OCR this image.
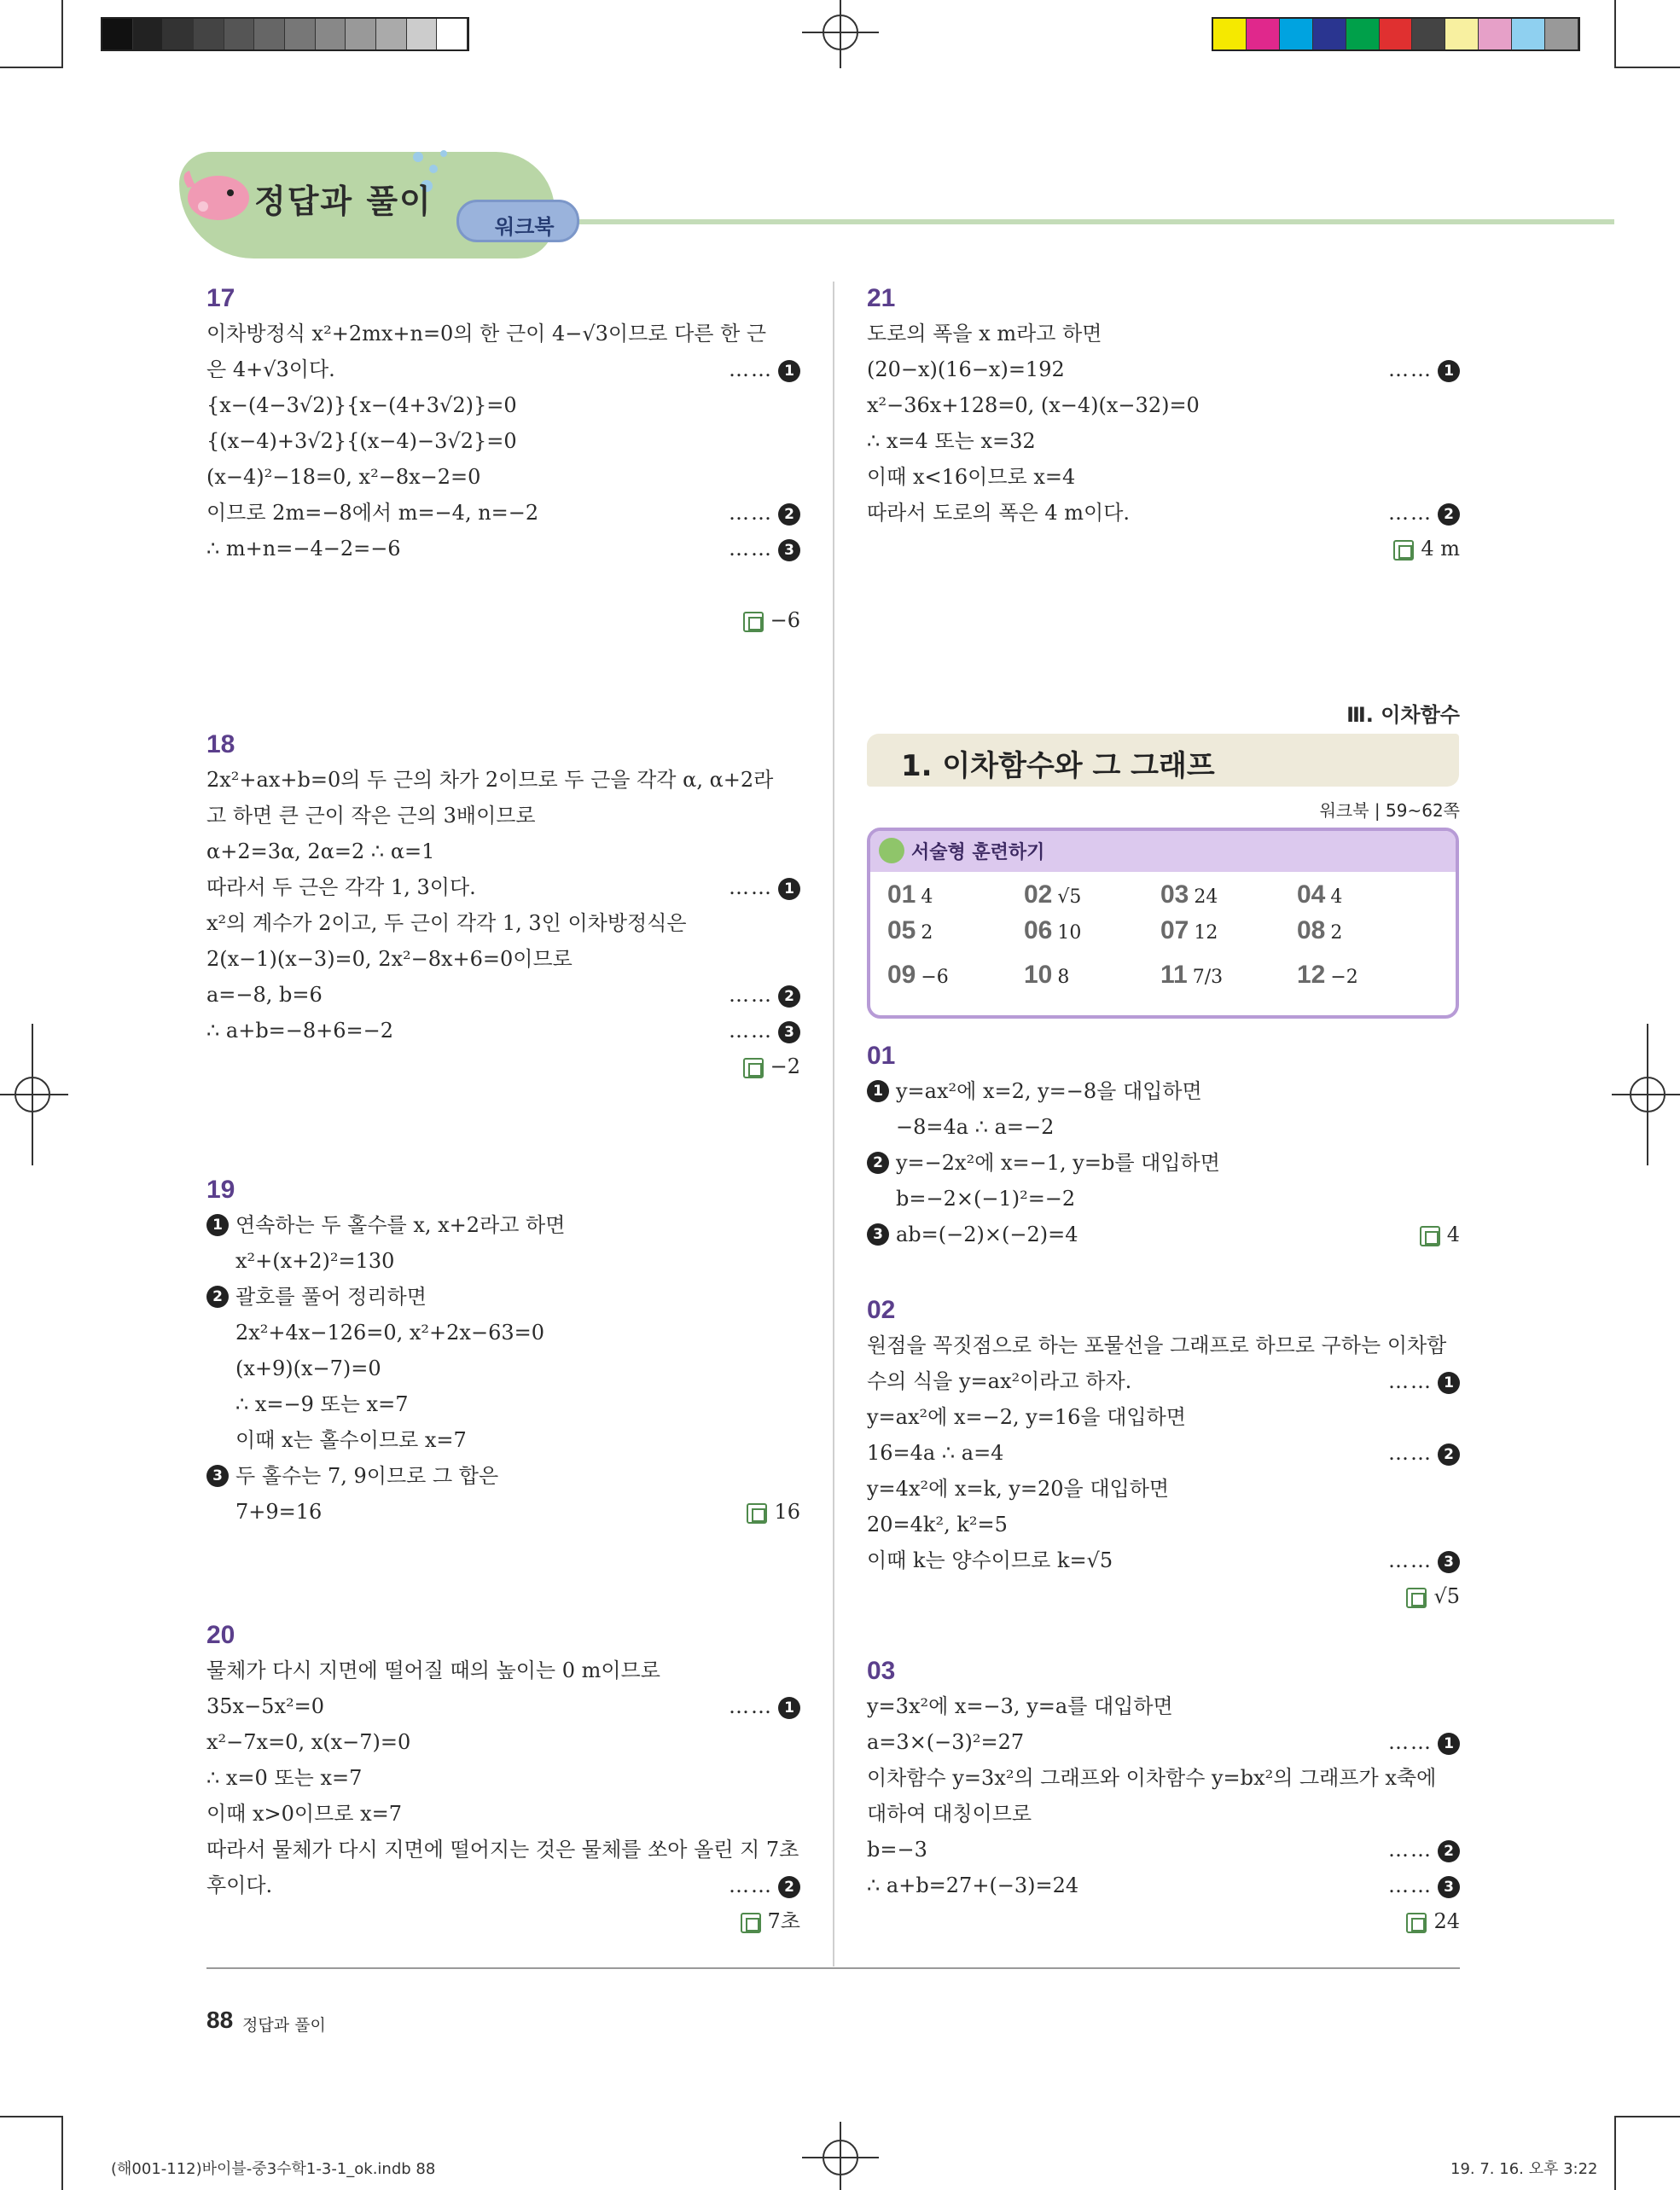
정답과 풀이
워크북
17
이차방정식 x²+2mx+n=0의 한 근이 4−√3이므로 다른 한 근
은 4+√3이다.	…… 1
{x−(4−3√2)}{x−(4+3√2)}=0
{(x−4)+3√2}{(x−4)−3√2}=0
(x−4)²−18=0, x²−8x−2=0
이므로 2m=−8에서 m=−4, n=−2	…… 2
∴ m+n=−4−2=−6	…… 3
−6
18
2x²+ax+b=0의 두 근의 차가 2이므로 두 근을 각각 α, α+2라
고 하면 큰 근이 작은 근의 3배이므로
α+2=3α, 2α=2 ∴ α=1
따라서 두 근은 각각 1, 3이다.	…… 1
x²의 계수가 2이고, 두 근이 각각 1, 3인 이차방정식은
2(x−1)(x−3)=0, 2x²−8x+6=0이므로
a=−8, b=6	…… 2
∴ a+b=−8+6=−2	…… 3
−2
19
1 연속하는 두 홀수를 x, x+2라고 하면
x²+(x+2)²=130
2 괄호를 풀어 정리하면
2x²+4x−126=0, x²+2x−63=0
(x+9)(x−7)=0
∴ x=−9 또는 x=7
이때 x는 홀수이므로 x=7
3 두 홀수는 7, 9이므로 그 합은
7+9=16	16
20
물체가 다시 지면에 떨어질 때의 높이는 0 m이므로
35x−5x²=0	…… 1
x²−7x=0, x(x−7)=0
∴ x=0 또는 x=7
이때 x>0이므로 x=7
따라서 물체가 다시 지면에 떨어지는 것은 물체를 쏘아 올린 지 7초
후이다.	…… 2
7초
21
도로의 폭을 x m라고 하면
(20−x)(16−x)=192	…… 1
x²−36x+128=0, (x−4)(x−32)=0
∴ x=4 또는 x=32
이때 x<16이므로 x=4
따라서 도로의 폭은 4 m이다.	…… 2
4 m
Ⅲ. 이차함수
1. 이차함수와 그 그래프
워크북 | 59~62쪽
서술형 훈련하기
01 4	02 √5	03 24	04 4
05 2	06 10	07 12	08 2
09 −6	10 8	11 7/3	12 −2
01
1 y=ax²에 x=2, y=−8을 대입하면
−8=4a ∴ a=−2
2 y=−2x²에 x=−1, y=b를 대입하면
b=−2×(−1)²=−2
3 ab=(−2)×(−2)=4	4
02
원점을 꼭짓점으로 하는 포물선을 그래프로 하므로 구하는 이차함
수의 식을 y=ax²이라고 하자.	…… 1
y=ax²에 x=−2, y=16을 대입하면
16=4a ∴ a=4	…… 2
y=4x²에 x=k, y=20을 대입하면
20=4k², k²=5
이때 k는 양수이므로 k=√5	…… 3
√5
03
y=3x²에 x=−3, y=a를 대입하면
a=3×(−3)²=27	…… 1
이차함수 y=3x²의 그래프와 이차함수 y=bx²의 그래프가 x축에
대하여 대칭이므로
b=−3	…… 2
∴ a+b=27+(−3)=24	…… 3
24
88 정답과 풀이
(해001-112)바이블-중3수학1-3-1_ok.indb 88	19. 7. 16. 오후 3:22
